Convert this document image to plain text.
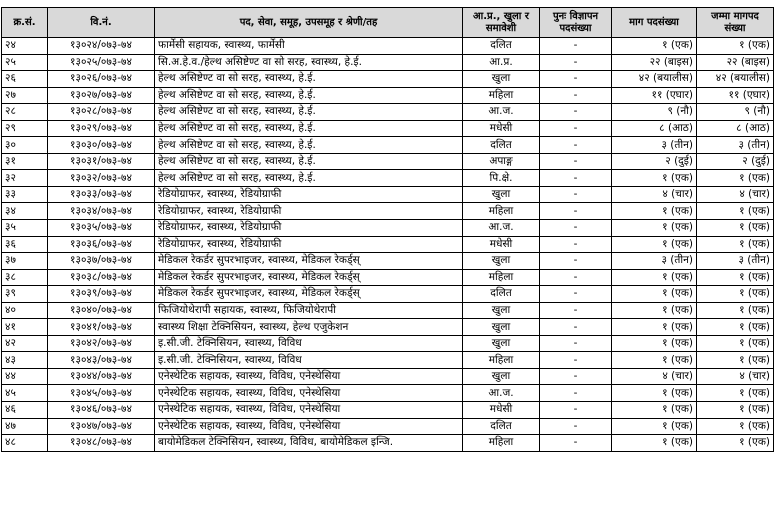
क्र.सं.	वि.नं.	पद, सेवा, समूह, उपसमूह र श्रेणी/तह	आ.प्र., खुला र समावेशी	पुनः विज्ञापन पदसंख्या	माग पदसंख्या	जम्मा मागपद संख्या
२४	१३०२४/०७३-७४	फार्मेसी सहायक, स्वास्थ्य, फार्मेसी	दलित	-	१ (एक)	१ (एक)
२५	१३०२५/०७३-७४	सि.अ.हे.व./हेल्थ असिष्टेण्ट वा सो सरह, स्वास्थ्य, हे.ई.	आ.प्र.	-	२२ (बाइस)	२२ (बाइस)
२६	१३०२६/०७३-७४	हेल्थ असिष्टेण्ट वा सो सरह, स्वास्थ्य, हे.ई.	खुला	-	४२ (बयालीस)	४२ (बयालीस)
२७	१३०२७/०७३-७४	हेल्थ असिष्टेण्ट वा सो सरह, स्वास्थ्य, हे.ई.	महिला	-	११ (एघार)	११ (एघार)
२८	१३०२८/०७३-७४	हेल्थ असिष्टेण्ट वा सो सरह, स्वास्थ्य, हे.ई.	आ.ज.	-	९ (नौ)	९ (नौ)
२९	१३०२९/०७३-७४	हेल्थ असिष्टेण्ट वा सो सरह, स्वास्थ्य, हे.ई.	मधेसी	-	८ (आठ)	८ (आठ)
३०	१३०३०/०७३-७४	हेल्थ असिष्टेण्ट वा सो सरह, स्वास्थ्य, हे.ई.	दलित	-	३ (तीन)	३ (तीन)
३१	१३०३१/०७३-७४	हेल्थ असिष्टेण्ट वा सो सरह, स्वास्थ्य, हे.ई.	अपाङ्ग	-	२ (दुई)	२ (दुई)
३२	१३०३२/०७३-७४	हेल्थ असिष्टेण्ट वा सो सरह, स्वास्थ्य, हे.ई.	पि.क्षे.	-	१ (एक)	१ (एक)
३३	१३०३३/०७३-७४	रेडियोग्राफर, स्वास्थ्य, रेडियोग्राफी	खुला	-	४ (चार)	४ (चार)
३४	१३०३४/०७३-७४	रेडियोग्राफर, स्वास्थ्य, रेडियोग्राफी	महिला	-	१ (एक)	१ (एक)
३५	१३०३५/०७३-७४	रेडियोग्राफर, स्वास्थ्य, रेडियोग्राफी	आ.ज.	-	१ (एक)	१ (एक)
३६	१३०३६/०७३-७४	रेडियोग्राफर, स्वास्थ्य, रेडियोग्राफी	मधेसी	-	१ (एक)	१ (एक)
३७	१३०३७/०७३-७४	मेडिकल रेकर्डर सुपरभाइजर, स्वास्थ्य, मेडिकल रेकर्ड्स्	खुला	-	३ (तीन)	३ (तीन)
३८	१३०३८/०७३-७४	मेडिकल रेकर्डर सुपरभाइजर, स्वास्थ्य, मेडिकल रेकर्ड्स्	महिला	-	१ (एक)	१ (एक)
३९	१३०३९/०७३-७४	मेडिकल रेकर्डर सुपरभाइजर, स्वास्थ्य, मेडिकल रेकर्ड्स्	दलित	-	१ (एक)	१ (एक)
४०	१३०४०/०७३-७४	फिजियोथेरापी सहायक, स्वास्थ्य, फिजियोथेरापी	खुला	-	१ (एक)	१ (एक)
४१	१३०४१/०७३-७४	स्वास्थ्य शिक्षा टेक्निसियन, स्वास्थ्य, हेल्थ एजुकेशन	खुला	-	१ (एक)	१ (एक)
४२	१३०४२/०७३-७४	इ.सी.जी. टेक्निसियन, स्वास्थ्य, विविध	खुला	-	१ (एक)	१ (एक)
४३	१३०४३/०७३-७४	इ.सी.जी. टेक्निसियन, स्वास्थ्य, विविध	महिला	-	१ (एक)	१ (एक)
४४	१३०४४/०७३-७४	एनेस्थेटिक सहायक, स्वास्थ्य, विविध, एनेस्थेसिया	खुला	-	४ (चार)	४ (चार)
४५	१३०४५/०७३-७४	एनेस्थेटिक सहायक, स्वास्थ्य, विविध, एनेस्थेसिया	आ.ज.	-	१ (एक)	१ (एक)
४६	१३०४६/०७३-७४	एनेस्थेटिक सहायक, स्वास्थ्य, विविध, एनेस्थेसिया	मधेसी	-	१ (एक)	१ (एक)
४७	१३०४७/०७३-७४	एनेस्थेटिक सहायक, स्वास्थ्य, विविध, एनेस्थेसिया	दलित	-	१ (एक)	१ (एक)
४८	१३०४८/०७३-७४	बायोमेडिकल टेक्निसियन, स्वास्थ्य, विविध, बायोमेडिकल इन्जि.	महिला	-	१ (एक)	१ (एक)
